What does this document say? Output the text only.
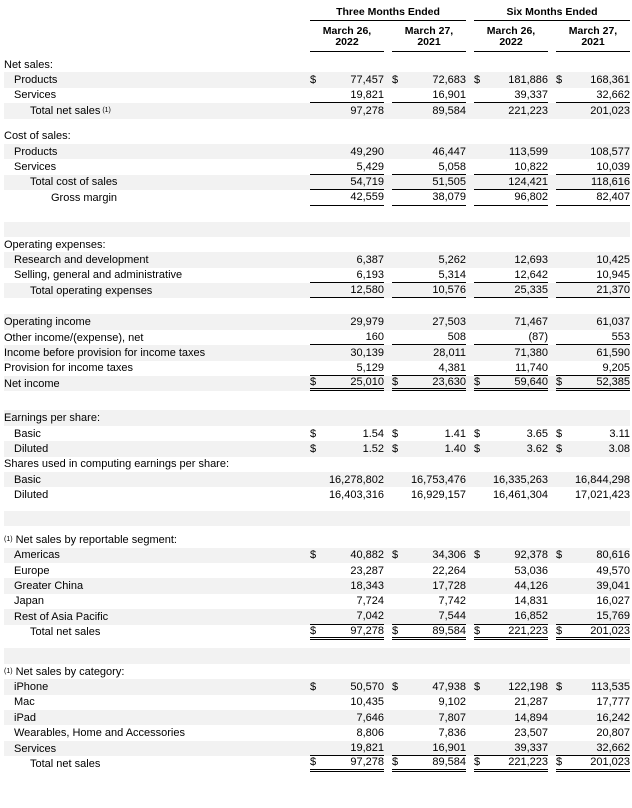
Three Months Ended	Six Months Ended
March 26,
2022
March 27,
2021
March 26,
2022
March 27,
2021
Net sales:
Products	$	77,457 $	72,683 $	181,886 $	168,361
Services	19,821	16,901	39,337	32,662
Total net sales (1)	97,278	89,584	221,223	201,023
Cost of sales:
Products	49,290	46,447	113,599	108,577
Services	5,429	5,058	10,822	10,039
Total cost of sales	54,719	51,505	124,421	118,616
Gross margin	42,559	38,079	96,802	82,407
Operating expenses:
Research and development	6,387	5,262	12,693	10,425
Selling, general and administrative	6,193	5,314	12,642	10,945
Total operating expenses	12,580	10,576	25,335	21,370
Operating income	29,979	27,503	71,467	61,037
Other income/(expense), net	160	508	(87)	553
Income before provision for income taxes	30,139	28,011	71,380	61,590
Provision for income taxes	5,129	4,381	11,740	9,205
Net income	$	25,010 $	23,630 $	59,640 $	52,385
Earnings per share:
Basic	$	1.54 $	1.41 $	3.65 $	3.11
Diluted	$	1.52 $	1.40 $	3.62 $	3.08
Shares used in computing earnings per share:
Basic	16,278,802	16,753,476	16,335,263	16,844,298
Diluted	16,403,316	16,929,157	16,461,304	17,021,423
(1) Net sales by reportable segment:
Americas	$	40,882 $	34,306 $	92,378 $	80,616
Europe	23,287	22,264	53,036	49,570
Greater China	18,343	17,728	44,126	39,041
Japan	7,724	7,742	14,831	16,027
Rest of Asia Pacific	7,042	7,544	16,852	15,769
Total net sales	$	97,278 $	89,584 $	221,223 $	201,023
(1) Net sales by category:
iPhone	$	50,570 $	47,938 $	122,198 $	113,535
Mac	10,435	9,102	21,287	17,777
iPad	7,646	7,807	14,894	16,242
Wearables, Home and Accessories	8,806	7,836	23,507	20,807
Services	19,821	16,901	39,337	32,662
Total net sales	$	97,278 $	89,584 $	221,223 $	201,023
